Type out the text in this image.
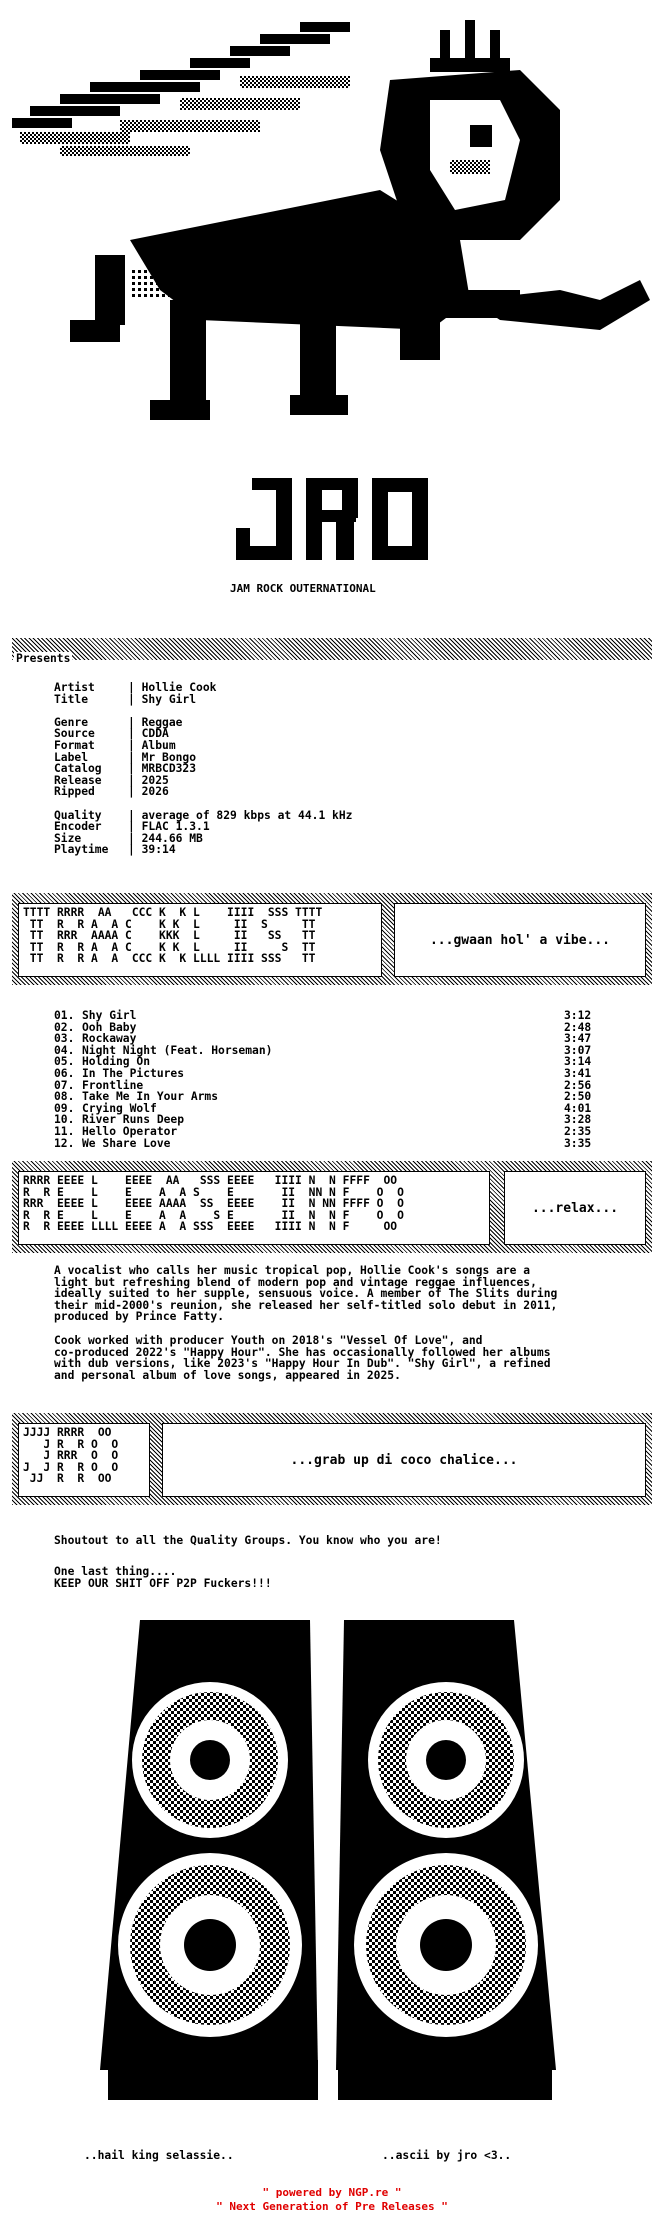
JAM ROCK OUTERNATIONAL
Presents
Artist	| Hollie Cook
Title	| Shy Girl
Genre	| Reggae
Source	| CDDA
Format	| Album
Label	| Mr Bongo
Catalog | MRBCD323
Release | 2025
Ripped	| 2026
Quality | average of 829 kbps at 44.1 kHz
Encoder | FLAC 1.3.1
Size	| 244.66 MB
Playtime | 39:14
TTTT RRRR  AA   CCC K  K L    IIII  SSS TTTT
TT  R  R A  A C    K K  L     II  S     TT
TT  RRR  AAAA C    KKK  L     II   SS   TT
TT  R  R A  A C    K K  L     II     S  TT
TT  R  R A  A  CCC K  K LLLL IIII SSS   TT
...gwaan hol' a vibe...
01. Shy Girl	3:12
02. Ooh Baby	2:48
03. Rockaway	3:47
04. Night Night (Feat. Horseman)	3:07
05. Holding On	3:14
06. In The Pictures	3:41
07. Frontline	2:56
08. Take Me In Your Arms	2:50
09. Crying Wolf	4:01
10. River Runs Deep	3:28
11. Hello Operator	2:35
12. We Share Love	3:35
RRRR EEEE L    EEEE  AA   SSS EEEE   IIII N  N FFFF  OO
R  R E    L    E    A  A S    E       II  NN N F    O  O
RRR  EEEE L    EEEE AAAA  SS  EEEE    II  N NN FFFF O  O
R  R E    L    E    A  A    S E       II  N  N F    O  O
R  R EEEE LLLL EEEE A  A SSS  EEEE   IIII N  N F     OO
...relax...
A vocalist who calls her music tropical pop, Hollie Cook's songs are a
light but refreshing blend of modern pop and vintage reggae influences,
ideally suited to her supple, sensuous voice. A member of The Slits during
their mid-2000's reunion, she released her self-titled solo debut in 2011,
produced by Prince Fatty.
Cook worked with producer Youth on 2018's "Vessel Of Love", and
co-produced 2022's "Happy Hour". She has occasionally followed her albums
with dub versions, like 2023's "Happy Hour In Dub". "Shy Girl", a refined
and personal album of love songs, appeared in 2025.
JJJJ RRRR  OO
J R  R O  O
J RRR  O  O
J  J R  R O  O
JJ  R  R  OO
...grab up di coco chalice...
Shoutout to all the Quality Groups. You know who you are!
One last thing....
KEEP OUR SHIT OFF P2P Fuckers!!!
..hail king selassie..	..ascii by jro <3..
" powered by NGP.re "
" Next Generation of Pre Releases "
